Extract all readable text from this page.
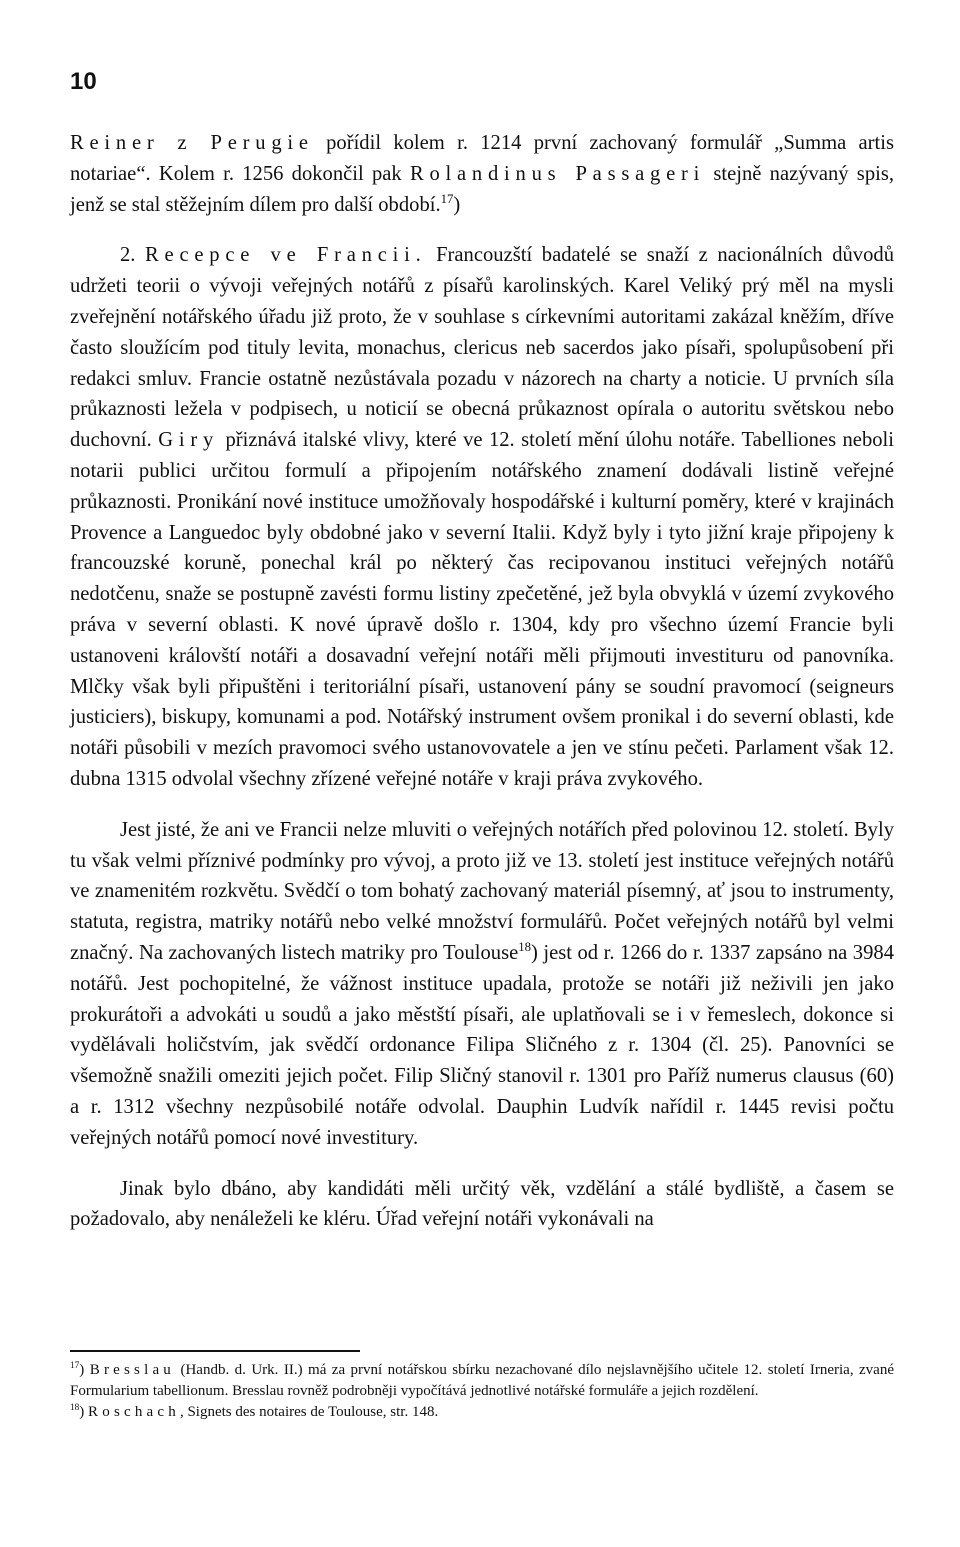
10

Reiner z Perugie pořídil kolem r. 1214 první zachovaný formulář „Summa artis notariae“. Kolem r. 1256 dokončil pak Rolandinus Passageri stejně nazývaný spis, jenž se stal stěžejním dílem pro další období.$^{17}$)

2. Recepce ve Francii. Francouzští badatelé se snaží z nacionálních důvodů udržeti teorii o vývoji veřejných notářů z písařů karolinských. Karel Veliký prý měl na mysli zveřejnění notářského úřadu již proto, že v souhlase s církevními autoritami zakázal kněžím, dříve často sloužícím pod tituly levita, monachus, clericus neb sacerdos jako písaři, spolupůsobení při redakci smluv. Francie ostatně nezůstávala pozadu v názorech na charty a noticie. U prvních síla průkaznosti ležela v podpisech, u noticií se obecná průkaznost opírala o autoritu světskou nebo duchovní. Giry přiznává italské vlivy, které ve 12. století mění úlohu notáře. Tabelliones neboli notarii publici určitou formulí a připojením notářského znamení dodávali listině veřejné průkaznosti. Pronikání nové instituce umožňovaly hospodářské i kulturní poměry, které v krajinách Provence a Languedoc byly obdobné jako v severní Italii. Když byly i tyto jižní kraje připojeny k francouzské koruně, ponechal král po některý čas recipovanou instituci veřejných notářů nedotčenu, snaže se postupně zavésti formu listiny zpečetěné, jež byla obvyklá v území zvykového práva v severní oblasti. K nové úpravě došlo r. 1304, kdy pro všechno území Francie byli ustanoveni královští notáři a dosavadní veřejní notáři měli přijmouti investituru od panovníka. Mlčky však byli připuštěni i teritoriální písaři, ustanovení pány se soudní pravomocí (seigneurs justiciers), biskupy, komunami a pod. Notářský instrument ovšem pronikal i do severní oblasti, kde notáři působili v mezích pravomoci svého ustanovovatele a jen ve stínu pečeti. Parlament však 12. dubna 1315 odvolal všechny zřízené veřejné notáře v kraji práva zvykového.

Jest jisté, že ani ve Francii nelze mluviti o veřejných notářích před polovinou 12. století. Byly tu však velmi příznivé podmínky pro vývoj, a proto již ve 13. století jest instituce veřejných notářů ve znamenitém rozkvětu. Svědčí o tom bohatý zachovaný materiál písemný, ať jsou to instrumenty, statuta, registra, matriky notářů nebo velké množství formulářů. Počet veřejných notářů byl velmi značný. Na zachovaných listech matriky pro Toulouse$^{18}$) jest od r. 1266 do r. 1337 zapsáno na 3984 notářů. Jest pochopitelné, že vážnost instituce upadala, protože se notáři již neživili jen jako prokurátoři a advokáti u soudů a jako městští písaři, ale uplatňovali se i v řemeslech, dokonce si vydělávali holičstvím, jak svědčí ordonance Filipa Sličného z r. 1304 (čl. 25). Panovníci se všemožně snažili omeziti jejich počet. Filip Sličný stanovil r. 1301 pro Paříž numerus clausus (60) a r. 1312 všechny nezpůsobilé notáře odvolal. Dauphin Ludvík nařídil r. 1445 revisi počtu veřejných notářů pomocí nové investitury.

Jinak bylo dbáno, aby kandidáti měli určitý věk, vzdělání a stálé bydliště, a časem se požadovalo, aby nenáleželi ke kléru. Úřad veřejní notáři vykonávali na

$^{17}$) Bresslau (Handb. d. Urk. II.) má za první notářskou sbírku nezachované dílo nejslavnějšího učitele 12. století Irneria, zvané Formularium tabellionum. Bresslau rovněž podrobněji vypočítává jednotlivé notářské formuláře a jejich rozdělení.

$^{18}$) Roschach, Signets des notaires de Toulouse, str. 148.
